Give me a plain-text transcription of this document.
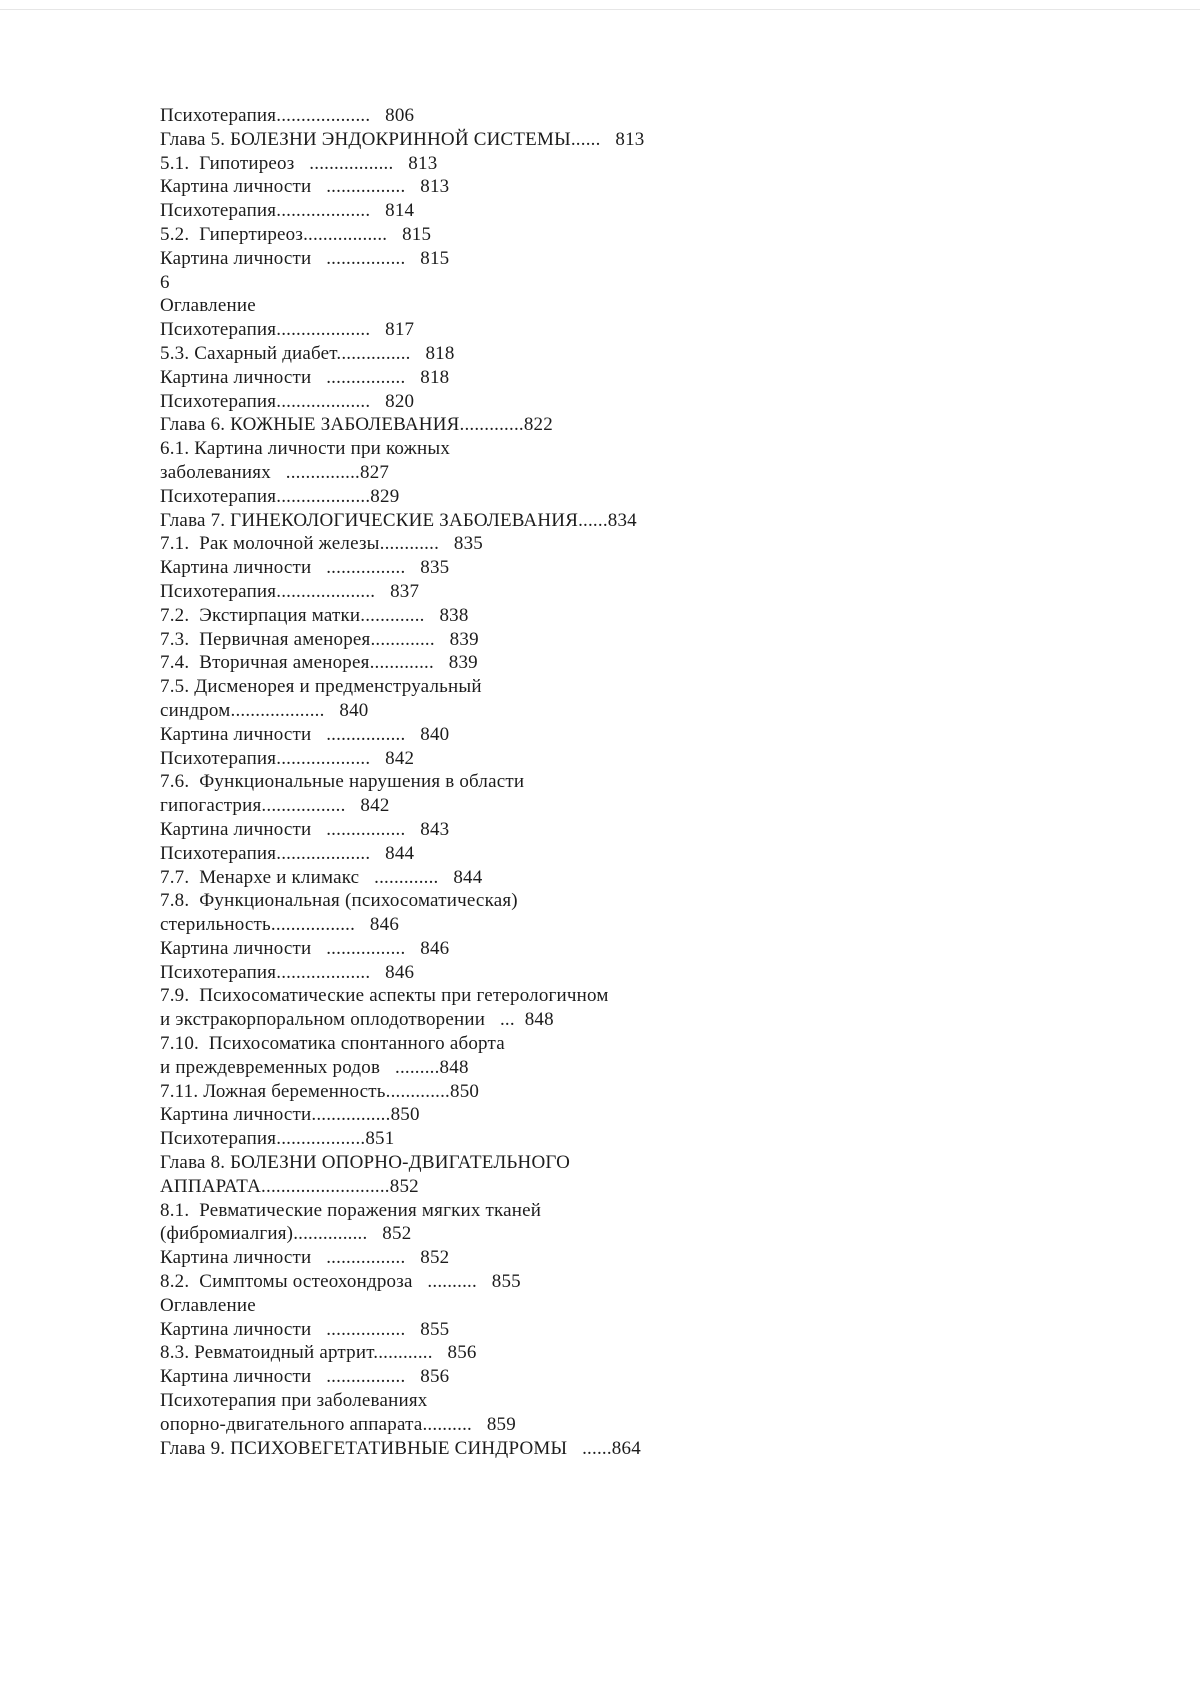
Психотерапия...................   806
Глава 5. БОЛЕЗНИ ЭНДОКРИННОЙ СИСТЕМЫ......   813
5.1.  Гипотиреоз   .................   813
Картина личности   ................   813
Психотерапия...................   814
5.2.  Гипертиреоз.................   815
Картина личности   ................   815
6
Оглавление
Психотерапия...................   817
5.3. Сахарный диабет...............   818
Картина личности   ................   818
Психотерапия...................   820
Глава 6. КОЖНЫЕ ЗАБОЛЕВАНИЯ.............822
6.1. Картина личности при кожных
заболеваниях   ...............827
Психотерапия...................829
Глава 7. ГИНЕКОЛОГИЧЕСКИЕ ЗАБОЛЕВАНИЯ......834
7.1.  Рак молочной железы............   835
Картина личности   ................   835
Психотерапия....................   837
7.2.  Экстирпация матки.............   838
7.3.  Первичная аменорея.............   839
7.4.  Вторичная аменорея.............   839
7.5. Дисменорея и предменструальный
синдром...................   840
Картина личности   ................   840
Психотерапия...................   842
7.6.  Функциональные нарушения в области
гипогастрия.................   842
Картина личности   ................   843
Психотерапия...................   844
7.7.  Менархе и климакс   .............   844
7.8.  Функциональная (психосоматическая)
стерильность.................   846
Картина личности   ................   846
Психотерапия...................   846
7.9.  Психосоматические аспекты при гетерологичном
и экстракорпоральном оплодотворении   ...  848
7.10.  Психосоматика спонтанного аборта
и преждевременных родов   .........848
7.11. Ложная беременность.............850
Картина личности................850
Психотерапия..................851
Глава 8. БОЛЕЗНИ ОПОРНО-ДВИГАТЕЛЬНОГО
АППАРАТА..........................852
8.1.  Ревматические поражения мягких тканей
(фибромиалгия)...............   852
Картина личности   ................   852
8.2.  Симптомы остеохондроза   ..........   855
Оглавление
Картина личности   ................   855
8.3. Ревматоидный артрит............   856
Картина личности   ................   856
Психотерапия при заболеваниях
опорно-двигательного аппарата..........   859
Глава 9. ПСИХОВЕГЕТАТИВНЫЕ СИНДРОМЫ   ......864
